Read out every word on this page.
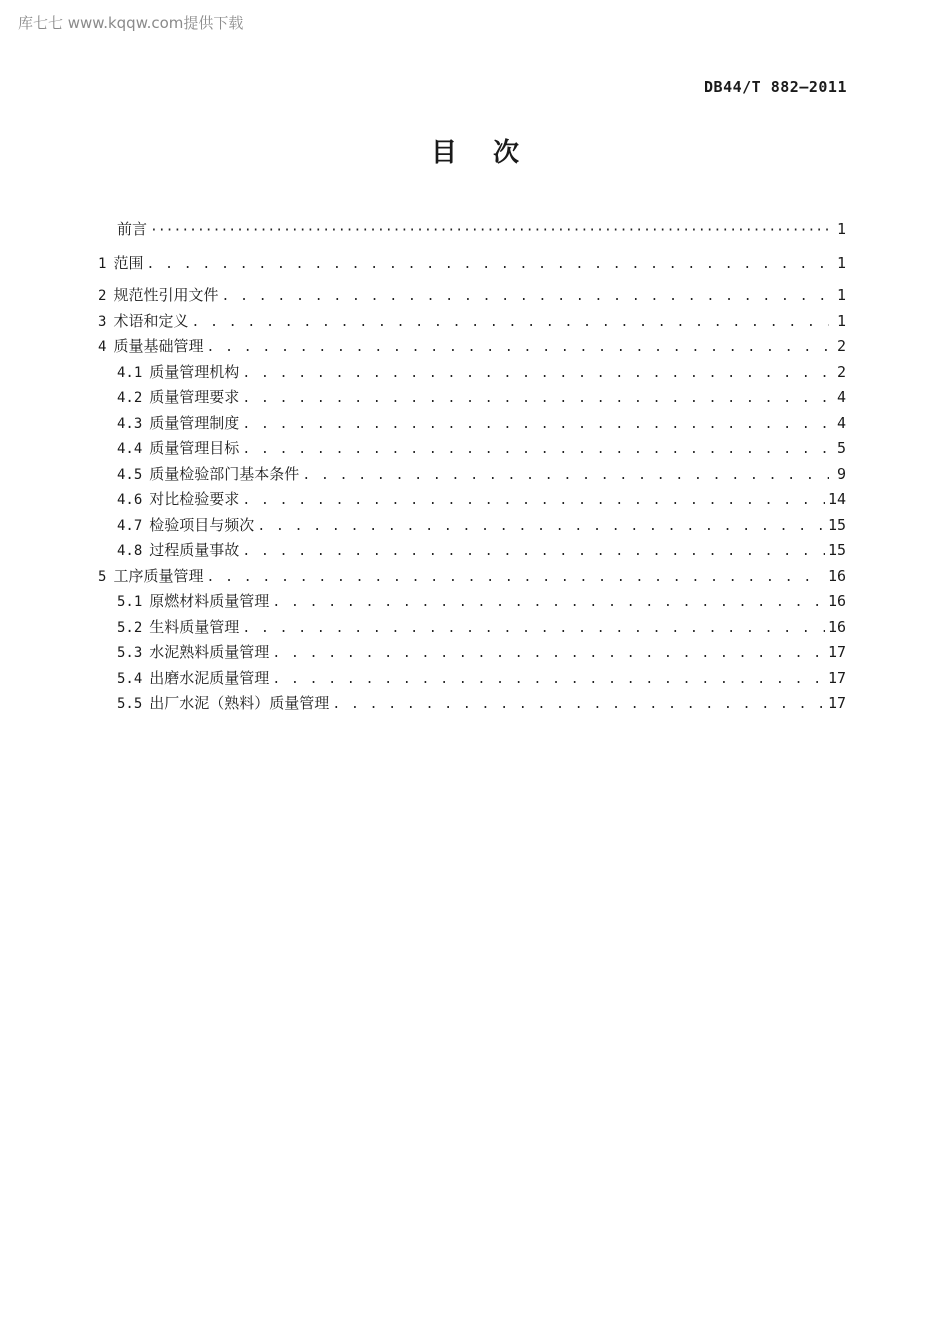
库七七 www.kqqw.com提供下载
DB44/T 882—2011
目次
前言 ·····	1
1 范围 . . .	1
2 规范性引用文件 . . .	1
3 术语和定义 . . .	1
4 质量基础管理 . . .	2
4.1 质量管理机构 . . .	2
4.2 质量管理要求 . . .	4
4.3 质量管理制度 . . .	4
4.4 质量管理目标 . . .	5
4.5 质量检验部门基本条件 . . .	9
4.6 对比检验要求 . . .	14
4.7 检验项目与频次 . . .	15
4.8 过程质量事故 . . .	15
5 工序质量管理 . . .	16
5.1 原燃材料质量管理 . . .	16
5.2 生料质量管理 . . .	16
5.3 水泥熟料质量管理 . . .	17
5.4 出磨水泥质量管理 . . .	17
5.5 出厂水泥（熟料）质量管理 . . .	17
